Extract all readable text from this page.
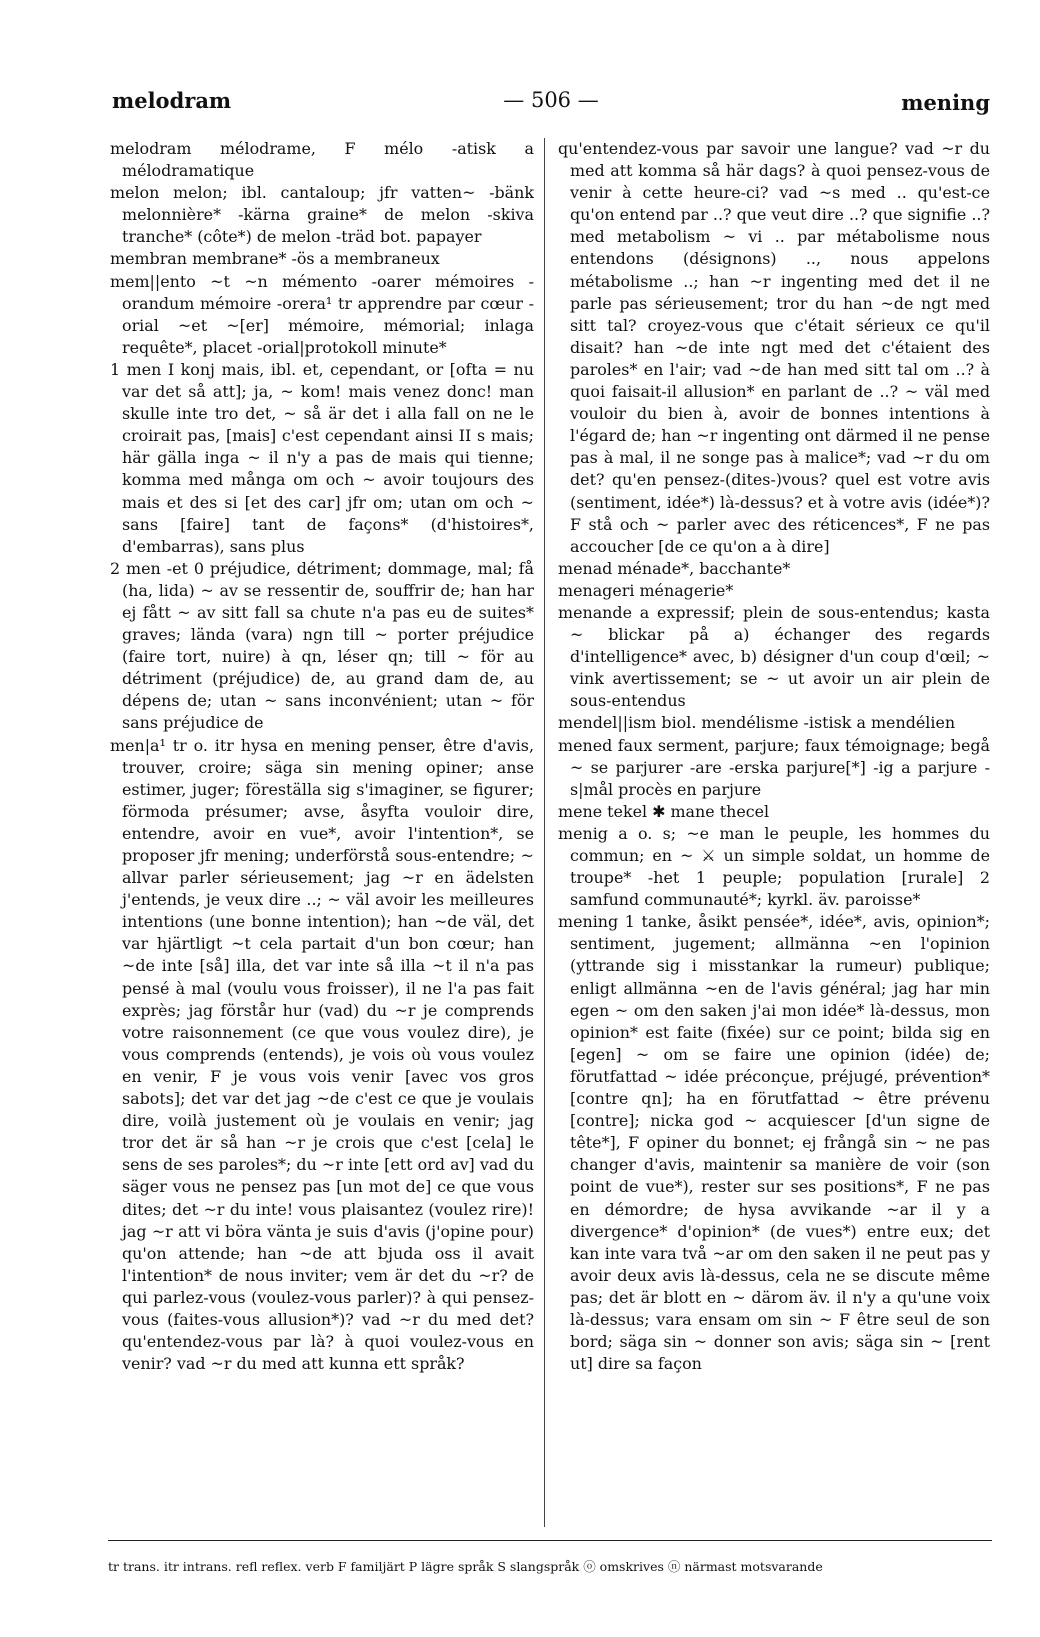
melodram	— 506 —	mening

melodram mélodrame, F mélo -atisk a mélodramatique

melon melon; ibl. cantaloup; jfr vatten~ -bänk melonnière* -kärna graine* de melon -skiva tranche* (côte*) de melon -träd bot. papayer

membran membrane* -ös a membraneux

mem||ento ~t ~n mémento -oarer mémoires -orandum mémoire -orera¹ tr apprendre par cœur -orial ~et ~[er] mémoire, mémorial; inlaga requête*, placet -orial|protokoll minute*

1 men I konj mais, ibl. et, cependant, or [ofta = nu var det så att]; ja, ~ kom! mais venez donc! man skulle inte tro det, ~ så är det i alla fall on ne le croirait pas, [mais] c'est cependant ainsi II s mais; här gälla inga ~ il n'y a pas de mais qui tienne; komma med många om och ~ avoir toujours des mais et des si [et des car] jfr om; utan om och ~ sans [faire] tant de façons* (d'histoires*, d'embarras), sans plus

2 men -et 0 préjudice, détriment; dommage, mal; få (ha, lida) ~ av se ressentir de, souffrir de; han har ej fått ~ av sitt fall sa chute n'a pas eu de suites* graves; lända (vara) ngn till ~ porter préjudice (faire tort, nuire) à qn, léser qn; till ~ för au détriment (préjudice) de, au grand dam de, au dépens de; utan ~ sans inconvénient; utan ~ för sans préjudice de

men|a¹ tr o. itr hysa en mening penser, être d'avis, trouver, croire; säga sin mening opiner; anse estimer, juger; föreställa sig s'imaginer, se figurer; förmoda présumer; avse, åsyfta vouloir dire, entendre, avoir en vue*, avoir l'intention*, se proposer jfr mening; underförstå sous-entendre; ~ allvar parler sérieusement; jag ~r en ädelsten j'entends, je veux dire ..; ~ väl avoir les meilleures intentions (une bonne intention); han ~de väl, det var hjärtligt ~t cela partait d'un bon cœur; han ~de inte [så] illa, det var inte så illa ~t il n'a pas pensé à mal (voulu vous froisser), il ne l'a pas fait exprès; jag förstår hur (vad) du ~r je comprends votre raisonnement (ce que vous voulez dire), je vous comprends (entends), je vois où vous voulez en venir, F je vous vois venir [avec vos gros sabots]; det var det jag ~de c'est ce que je voulais dire, voilà justement où je voulais en venir; jag tror det är så han ~r je crois que c'est [cela] le sens de ses paroles*; du ~r inte [ett ord av] vad du säger vous ne pensez pas [un mot de] ce que vous dites; det ~r du inte! vous plaisantez (voulez rire)! jag ~r att vi böra vänta je suis d'avis (j'opine pour) qu'on attende; han ~de att bjuda oss il avait l'intention* de nous inviter; vem är det du ~r? de qui parlez-vous (voulez-vous parler)? à qui pensez-vous (faites-vous allusion*)? vad ~r du med det? qu'entendez-vous par là? à quoi voulez-vous en venir? vad ~r du med att kunna ett språk?

qu'entendez-vous par savoir une langue? vad ~r du med att komma så här dags? à quoi pensez-vous de venir à cette heure-ci? vad ~s med .. qu'est-ce qu'on entend par ..? que veut dire ..? que signifie ..? med metabolism ~ vi .. par métabolisme nous entendons (désignons) .., nous appelons métabolisme ..; han ~r ingenting med det il ne parle pas sérieusement; tror du han ~de ngt med sitt tal? croyez-vous que c'était sérieux ce qu'il disait? han ~de inte ngt med det c'étaient des paroles* en l'air; vad ~de han med sitt tal om ..? à quoi faisait-il allusion* en parlant de ..? ~ väl med vouloir du bien à, avoir de bonnes intentions à l'égard de; han ~r ingenting ont därmed il ne pense pas à mal, il ne songe pas à malice*; vad ~r du om det? qu'en pensez-(dites-)vous? quel est votre avis (sentiment, idée*) là-dessus? et à votre avis (idée*)? F stå och ~ parler avec des réticences*, F ne pas accoucher [de ce qu'on a à dire]

menad ménade*, bacchante*

menageri ménagerie*

menande a expressif; plein de sous-entendus; kasta ~ blickar på a) échanger des regards d'intelligence* avec, b) désigner d'un coup d'œil; ~ vink avertissement; se ~ ut avoir un air plein de sous-entendus

mendel||ism biol. mendélisme -istisk a mendélien

mened faux serment, parjure; faux témoignage; begå ~ se parjurer -are -erska parjure[*] -ig a parjure -s|mål procès en parjure

mene tekel ✱ mane thecel

menig a o. s; ~e man le peuple, les hommes du commun; en ~ ⚔ un simple soldat, un homme de troupe* -het 1 peuple; population [rurale] 2 samfund communauté*; kyrkl. äv. paroisse*

mening 1 tanke, åsikt pensée*, idée*, avis, opinion*; sentiment, jugement; allmänna ~en l'opinion (yttrande sig i misstankar la rumeur) publique; enligt allmänna ~en de l'avis général; jag har min egen ~ om den saken j'ai mon idée* là-dessus, mon opinion* est faite (fixée) sur ce point; bilda sig en [egen] ~ om se faire une opinion (idée) de; förutfattad ~ idée préconçue, préjugé, prévention* [contre qn]; ha en förutfattad ~ être prévenu [contre]; nicka god ~ acquiescer [d'un signe de tête*], F opiner du bonnet; ej frångå sin ~ ne pas changer d'avis, maintenir sa manière de voir (son point de vue*), rester sur ses positions*, F ne pas en démordre; de hysa avvikande ~ar il y a divergence* d'opinion* (de vues*) entre eux; det kan inte vara två ~ar om den saken il ne peut pas y avoir deux avis là-dessus, cela ne se discute même pas; det är blott en ~ därom äv. il n'y a qu'une voix là-dessus; vara ensam om sin ~ F être seul de son bord; säga sin ~ donner son avis; säga sin ~ [rent ut] dire sa façon

tr trans. itr intrans. refl reflex. verb F familjärt P lägre språk S slangspråk ⓞ omskrives ⓝ närmast motsvarande
